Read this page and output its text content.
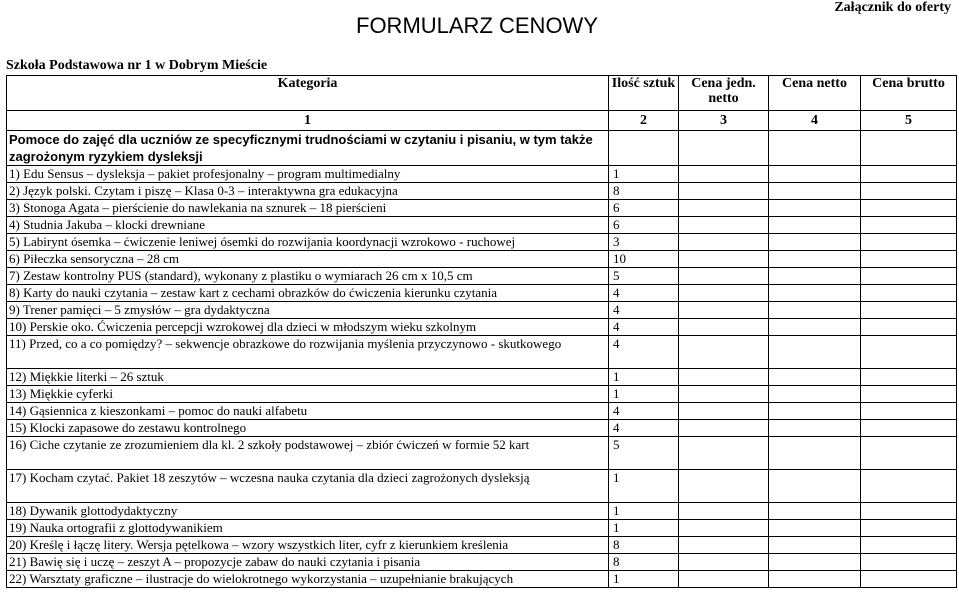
Załącznik do oferty
FORMULARZ CENOWY
Szkoła Podstawowa nr 1 w Dobrym Mieście
Kategoria	Ilość sztuk	Cena jedn. netto	Cena netto	Cena brutto
1	2	3	4	5
Pomoce do zajęć dla uczniów ze specyficznymi trudnościami w czytaniu i pisaniu, w tym także zagrożonym ryzykiem dysleksji				
1) Edu Sensus – dysleksja – pakiet profesjonalny – program multimedialny	1			
2) Język polski. Czytam i piszę – Klasa 0-3 – interaktywna gra edukacyjna	8			
3) Stonoga Agata – pierścienie do nawlekania na sznurek – 18 pierścieni	6			
4) Studnia Jakuba – klocki drewniane	6			
5) Labirynt ósemka – ćwiczenie leniwej ósemki do rozwijania koordynacji wzrokowo - ruchowej	3			
6) Piłeczka sensoryczna – 28 cm	10			
7) Zestaw kontrolny PUS (standard), wykonany z plastiku o wymiarach 26 cm x 10,5 cm	5			
8) Karty do nauki czytania – zestaw kart z cechami obrazków do ćwiczenia kierunku czytania	4			
9) Trener pamięci – 5 zmysłów – gra dydaktyczna	4			
10) Perskie oko. Ćwiczenia percepcji wzrokowej dla dzieci w młodszym wieku szkolnym	4			
11) Przed, co a co pomiędzy? – sekwencje obrazkowe do rozwijania myślenia przyczynowo - skutkowego	4			
12) Miękkie literki – 26 sztuk	1			
13) Miękkie cyferki	1			
14) Gąsiennica z kieszonkami – pomoc do nauki alfabetu	4			
15) Klocki zapasowe do zestawu kontrolnego	4			
16) Ciche czytanie ze zrozumieniem dla kl. 2 szkoły podstawowej – zbiór ćwiczeń w formie 52 kart	5			
17) Kocham czytać. Pakiet 18 zeszytów – wczesna nauka czytania dla dzieci zagrożonych dysleksją	1			
18) Dywanik glottodydaktyczny	1			
19) Nauka ortografii z glottodywanikiem	1			
20) Kreślę i łączę litery. Wersja pętelkowa – wzory wszystkich liter, cyfr z kierunkiem kreślenia	8			
21) Bawię się i uczę – zeszyt A – propozycje zabaw do nauki czytania i pisania	8			
22) Warsztaty graficzne – ilustracje do wielokrotnego wykorzystania – uzupełnianie brakujących	1			
